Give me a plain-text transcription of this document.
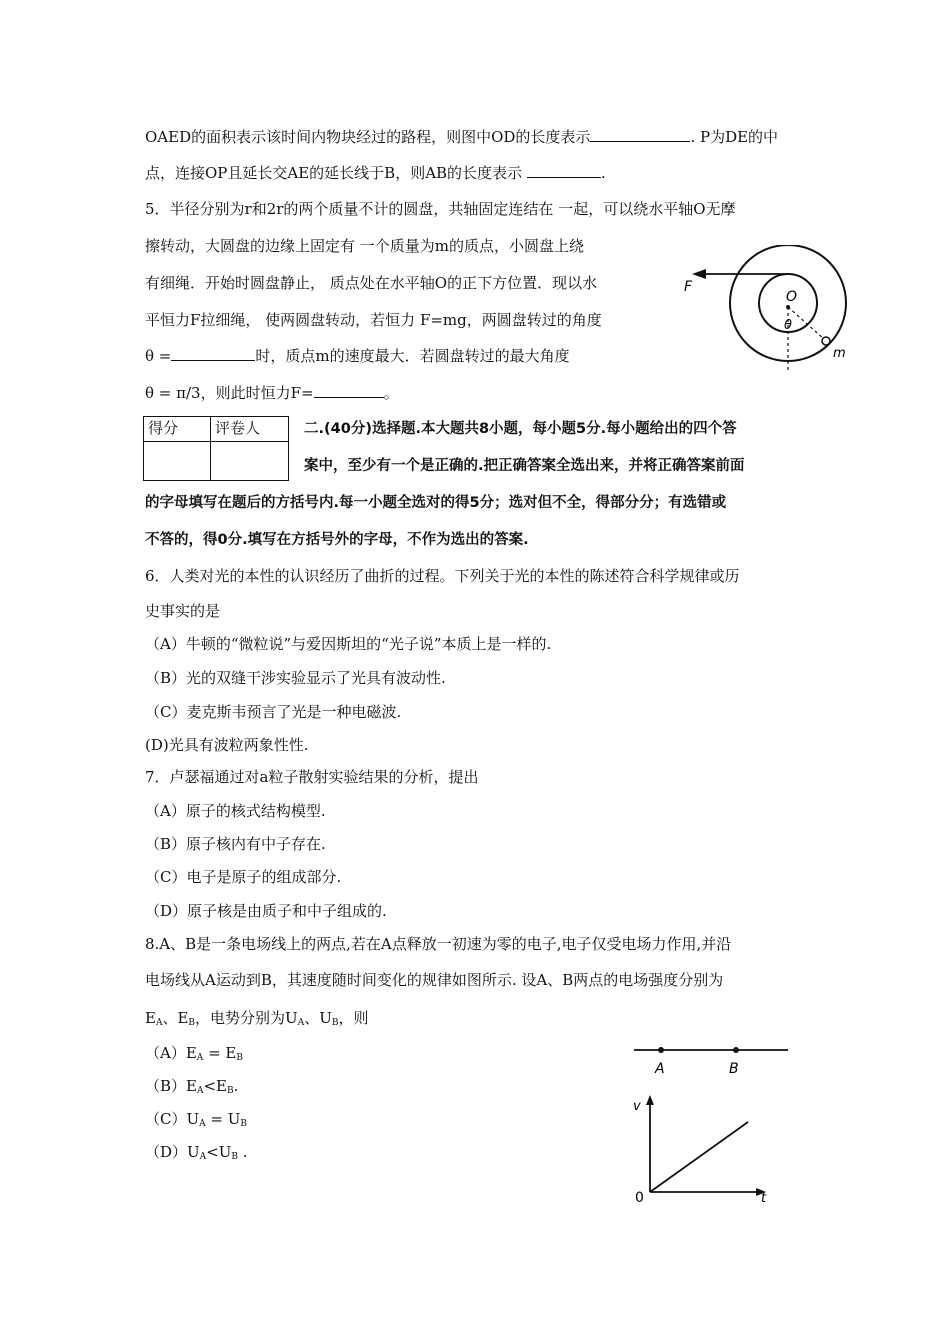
OAED的面积表示该时间内物块经过的路程，则图中OD的长度表示	. P为DE的中
点，连接OP且延长交AE的延长线于B，则AB的长度表示	.
5．半径分别为r和2r的两个质量不计的圆盘，共轴固定连结在 一起，可以绕水平轴O无摩
擦转动，大圆盘的边缘上固定有 一个质量为m的质点，小圆盘上绕
有细绳．开始时圆盘静止， 质点处在水平轴O的正下方位置．现以水
平恒力F拉细绳， 使两圆盘转动，若恒力 F=mg，两圆盘转过的角度
θ =	时，质点m的速度最大．若圆盘转过的最大角度
θ = π/3，则此时恒力F=	。
F
O
θ
m
得分	评卷人
		二.(40分)选择题.本大题共8小题，每小题5分.每小题给出的四个答
案中，至少有一个是正确的.把正确答案全选出来，并将正确答案前面
的字母填写在题后的方括号内.每一小题全选对的得5分；选对但不全，得部分分；有选错或
不答的，得0分.填写在方括号外的字母，不作为选出的答案.
6．人类对光的本性的认识经历了曲折的过程。下列关于光的本性的陈述符合科学规律或历
史事实的是
（A）牛顿的“微粒说”与爱因斯坦的“光子说”本质上是一样的.
（B）光的双缝干涉实验显示了光具有波动性.
（C）麦克斯韦预言了光是一种电磁波.
(D)光具有波粒两象性性.
7．卢瑟福通过对a粒子散射实验结果的分析，提出
（A）原子的核式结构模型.
（B）原子核内有中子存在.
（C）电子是原子的组成部分.
（D）原子核是由质子和中子组成的.
8.A、B是一条电场线上的两点,若在A点释放一初速为零的电子,电子仅受电场力作用,并沿
电场线从A运动到B，其速度随时间变化的规律如图所示. 设A、B两点的电场强度分别为
$E_A$、$E_B$，电势分别为$U_A$、$U_B$，则
$(A)E_A = E_B$
$(B)E_A<E_B$.
$(C)U_A = U_B$
$(D)U_A<U_B$ .
A	B
v
0	t
